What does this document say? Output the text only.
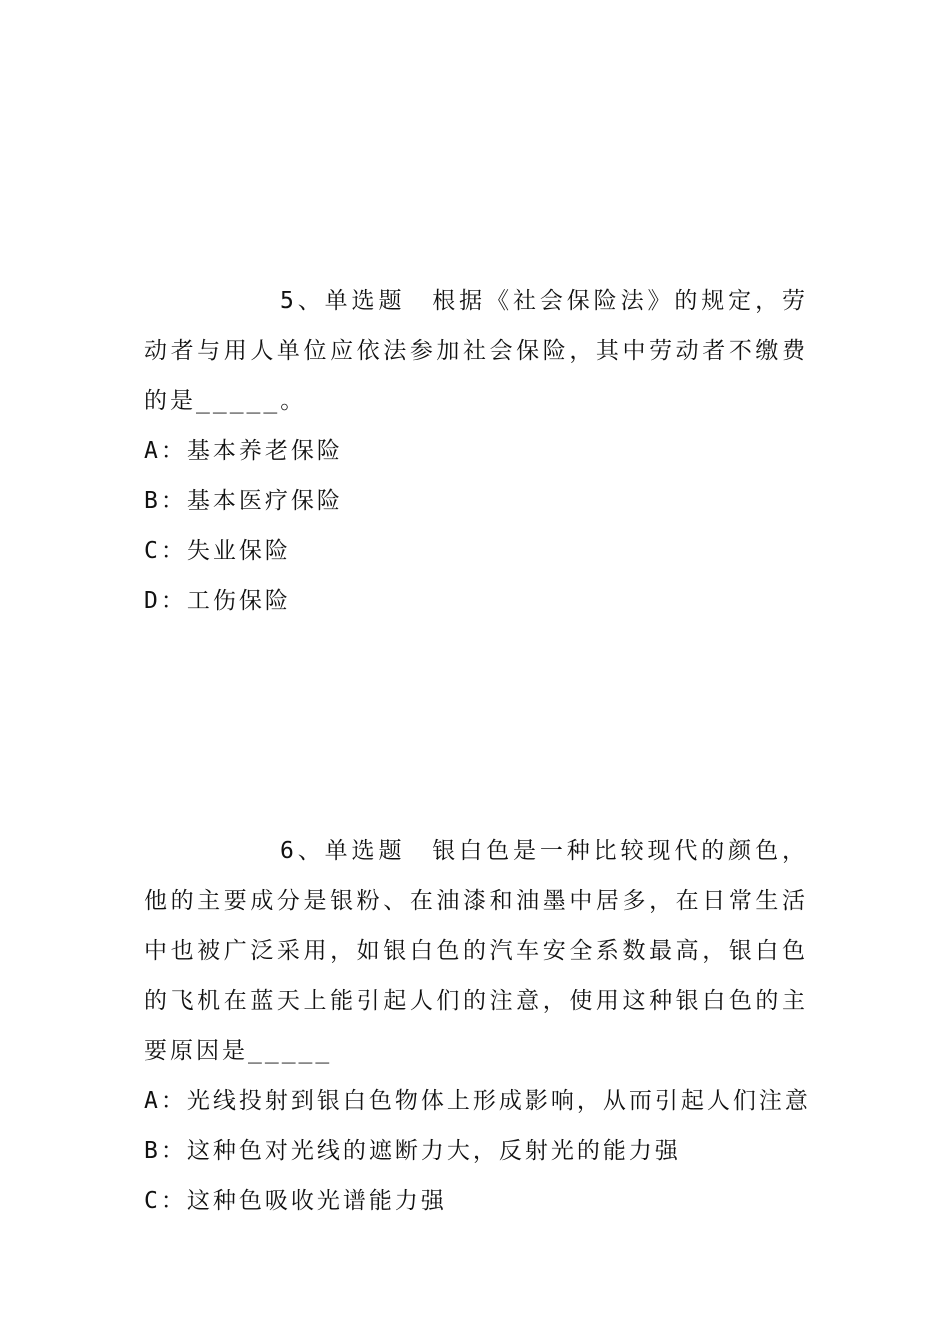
5、单选题　根据《社会保险法》的规定，劳动者与用人单位应依法参加社会保险，其中劳动者不缴费的是_____。

A：基本养老保险

B：基本医疗保险

C：失业保险

D：工伤保险

6、单选题　银白色是一种比较现代的颜色，他的主要成分是银粉、在油漆和油墨中居多，在日常生活中也被广泛采用，如银白色的汽车安全系数最高，银白色的飞机在蓝天上能引起人们的注意，使用这种银白色的主要原因是_____

A：光线投射到银白色物体上形成影响，从而引起人们注意

B：这种色对光线的遮断力大，反射光的能力强

C：这种色吸收光谱能力强
